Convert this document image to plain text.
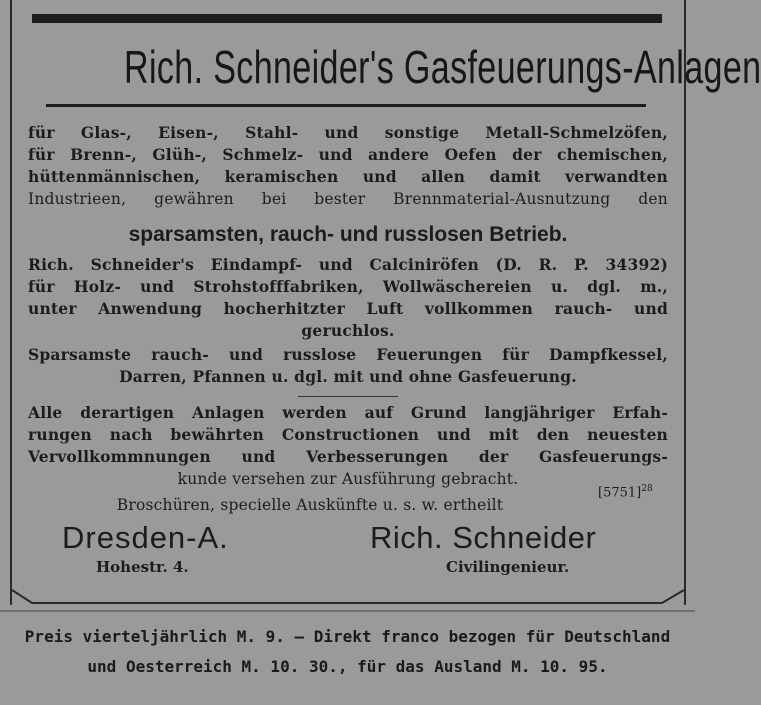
Rich. Schneider's Gasfeuerungs-Anlagen

für Glas-, Eisen-, Stahl- und sonstige Metall-Schmelzöfen,

für Brenn-, Glüh-, Schmelz- und andere Oefen der chemischen,

hüttenmännischen, keramischen und allen damit verwandten

Industrieen, gewähren bei bester Brennmaterial-Ausnutzung den

sparsamsten, rauch- und russlosen Betrieb.

Rich. Schneider's Eindampf- und Calciniröfen (D. R. P. 34392)

für Holz- und Strohstofffabriken, Wollwäschereien u. dgl. m.,

unter Anwendung hocherhitzter Luft vollkommen rauch- und

geruchlos.

Sparsamste rauch- und russlose Feuerungen für Dampfkessel,

Darren, Pfannen u. dgl. mit und ohne Gasfeuerung.

Alle derartigen Anlagen werden auf Grund langjähriger Erfah-

rungen nach bewährten Constructionen und mit den neuesten

Vervollkommnungen und Verbesserungen der Gasfeuerungs-

kunde versehen zur Ausführung gebracht.

Broschüren, specielle Auskünfte u. s. w. ertheilt
$[5751]^{28}$
Dresden-A.
Hohestr. 4.
Rich. Schneider
Civilingenieur.
Preis vierteljährlich M. 9. — Direkt franco bezogen für Deutschland
und Oesterreich M. 10. 30., für das Ausland M. 10. 95.
